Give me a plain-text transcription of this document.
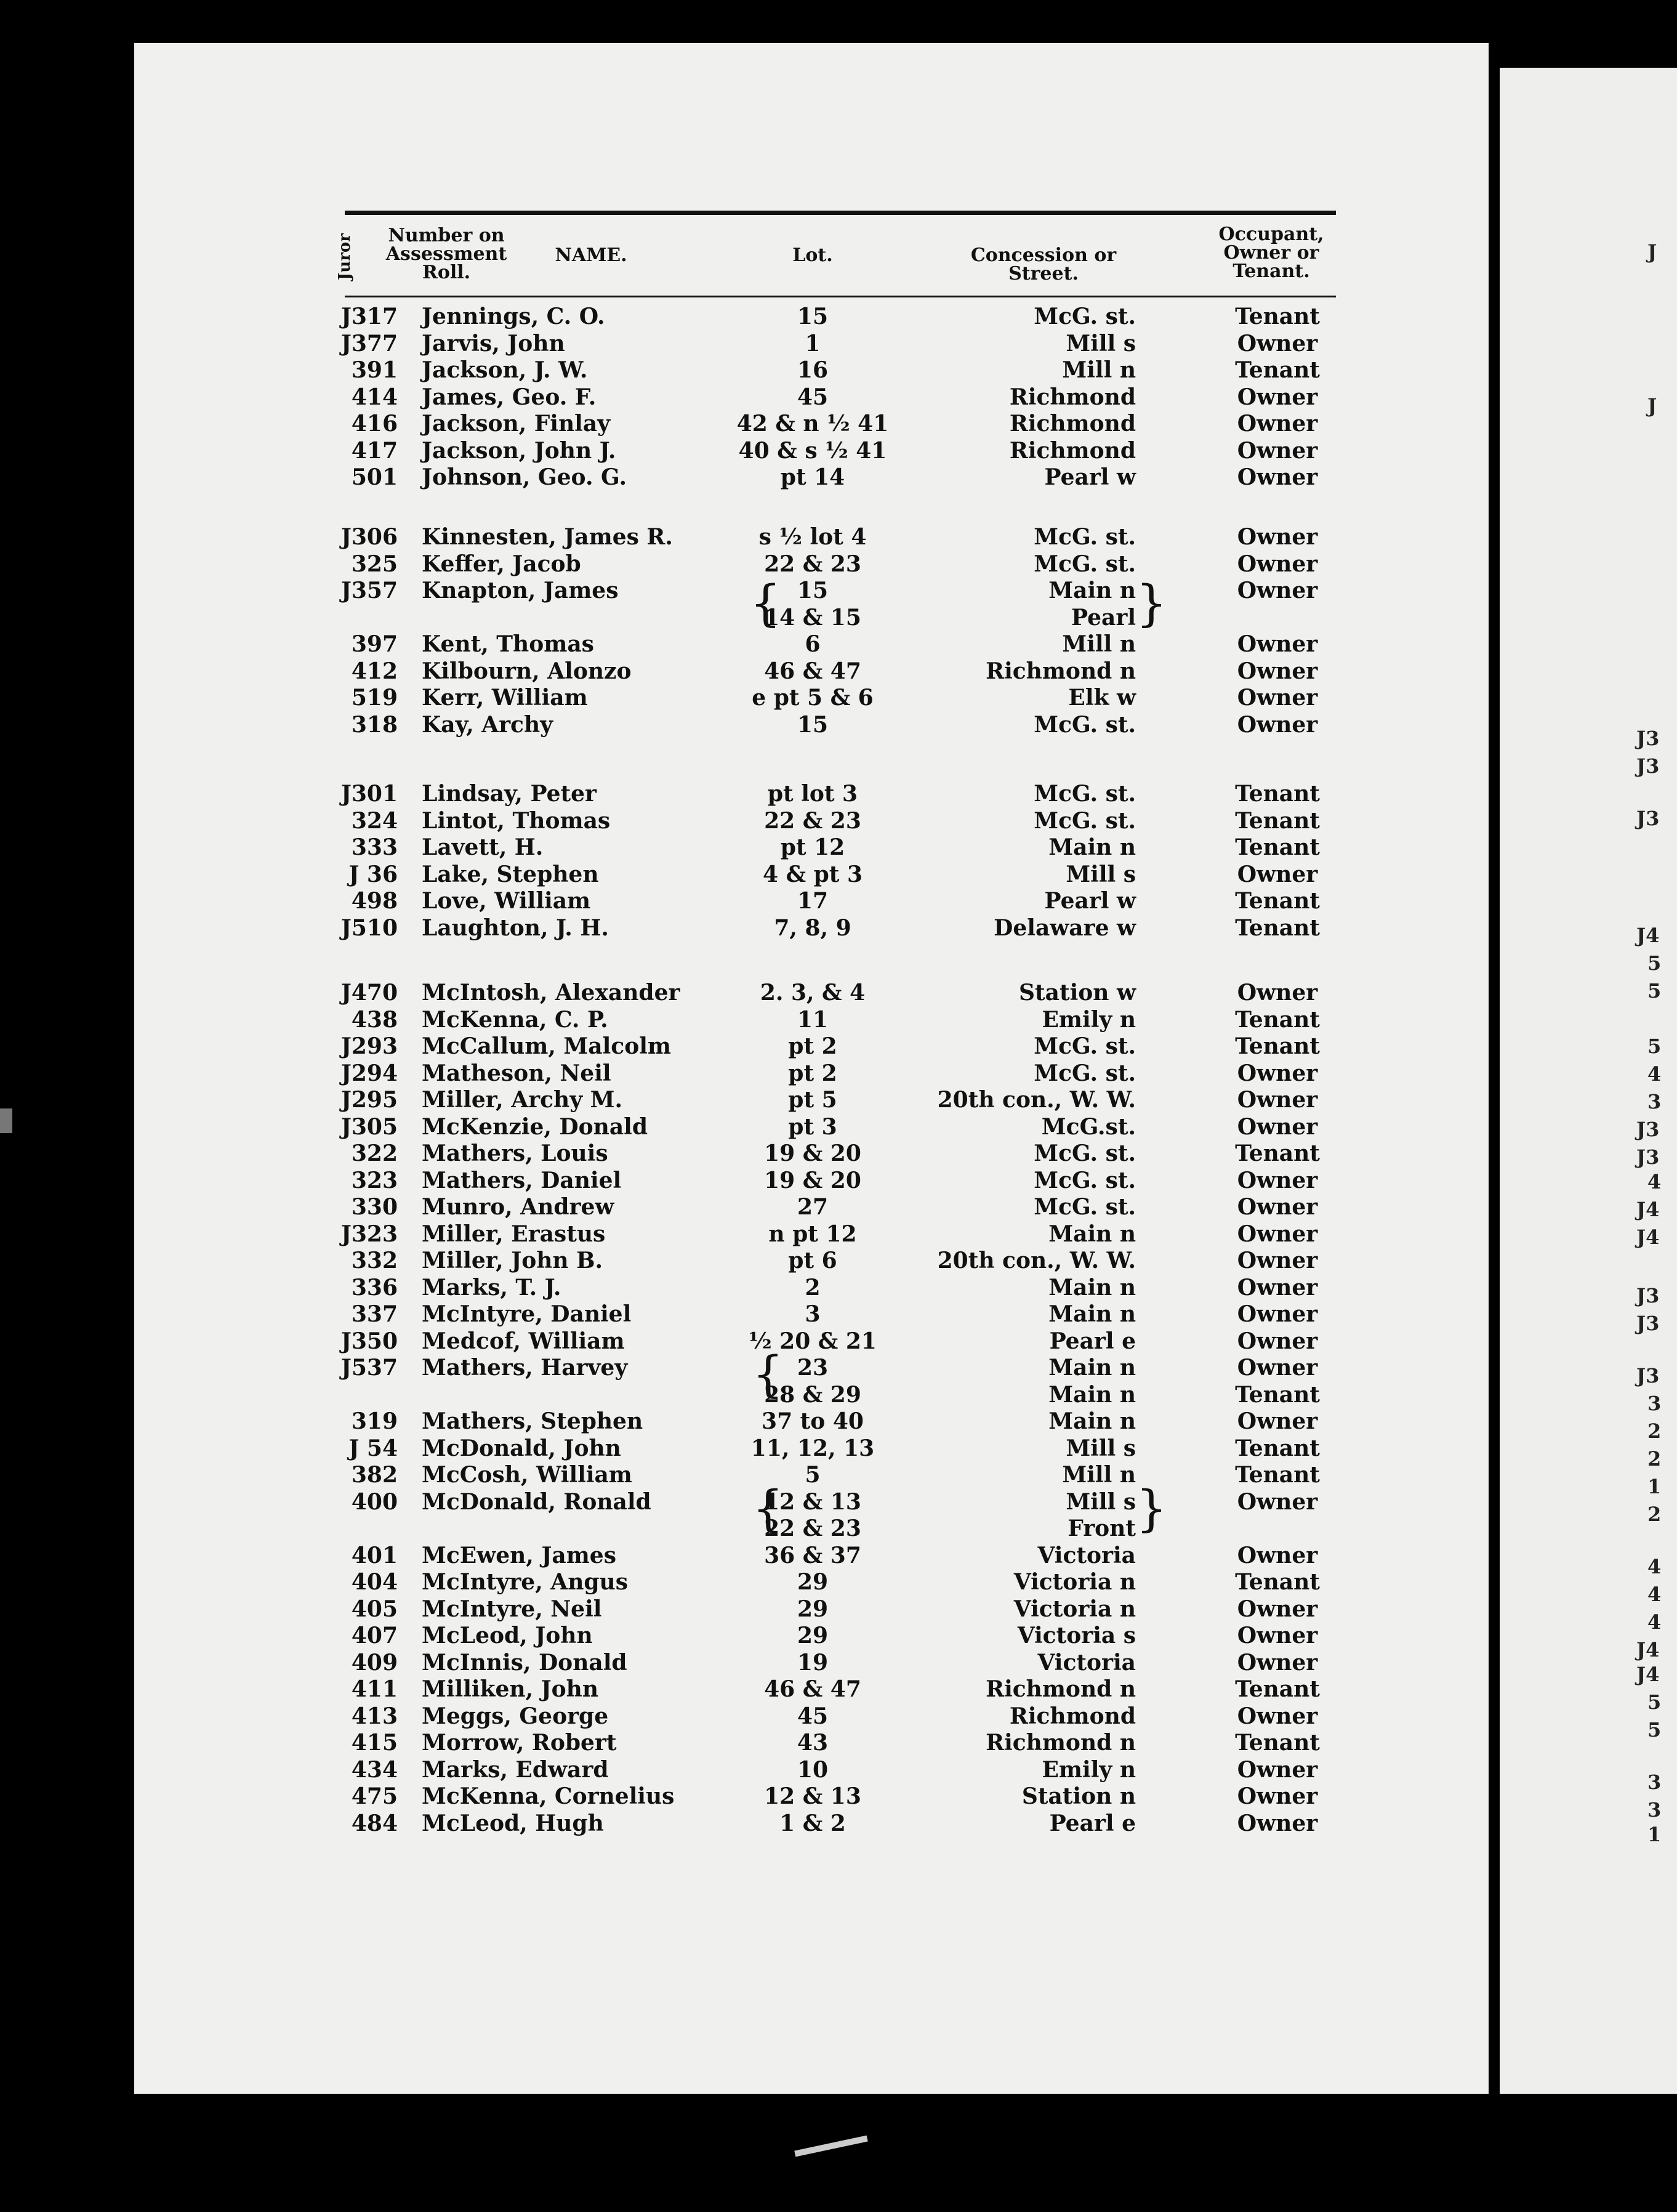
J
J
J3
J3
J3
J4
5
5
5
4
3
J3
J3
4
J4
J4
J3
J3
J3
3
2
2
1
2
4
4
4
J4
J4
5
5
3
3
1
Juror	Number on Assessment Roll.
NAME.	Lot.	Concession or Street.
Occupant, Owner or Tenant.
J317 Jennings, C. O.	15	McG. st.	Tenant
J377 Jarvis, John	1	Mill s	Owner
391 Jackson, J. W.	16	Mill n	Tenant
414 James, Geo. F.	45	Richmond	Owner
416 Jackson, Finlay	42 & n ½ 41	Richmond	Owner
417 Jackson, John J.	40 & s ½ 41	Richmond	Owner
501 Johnson, Geo. G.	pt 14	Pearl w	Owner
J306 Kinnesten, James R.	s ½ lot 4	McG. st.	Owner
325 Keffer, Jacob	22 & 23	McG. st.	Owner
J357 Knapton, James	15	Main n	Owner
14 & 15	Pearl
397 Kent, Thomas	6	Mill n	Owner
412 Kilbourn, Alonzo	46 & 47	Richmond n	Owner
519 Kerr, William	e pt 5 & 6	Elk w	Owner
318 Kay, Archy	15	McG. st.	Owner
J301 Lindsay, Peter	pt lot 3	McG. st.	Tenant
324 Lintot, Thomas	22 & 23	McG. st.	Tenant
333 Lavett, H.	pt 12	Main n	Tenant
J 36 Lake, Stephen	4 & pt 3	Mill s	Owner
498 Love, William	17	Pearl w	Tenant
J510 Laughton, J. H.	7, 8, 9	Delaware w	Tenant
J470 McIntosh, Alexander	2. 3, & 4	Station w	Owner
438 McKenna, C. P.	11	Emily n	Tenant
J293 McCallum, Malcolm	pt 2	McG. st.	Tenant
J294 Matheson, Neil	pt 2	McG. st.	Owner
J295 Miller, Archy M.	pt 5	20th con., W. W.	Owner
J305 McKenzie, Donald	pt 3	McG.st.	Owner
322 Mathers, Louis	19 & 20	McG. st.	Tenant
323 Mathers, Daniel	19 & 20	McG. st.	Owner
330 Munro, Andrew	27	McG. st.	Owner
J323 Miller, Erastus	n pt 12	Main n	Owner
332 Miller, John B.	pt 6	20th con., W. W.	Owner
336 Marks, T. J.	2	Main n	Owner
337 McIntyre, Daniel	3	Main n	Owner
J350 Medcof, William	½ 20 & 21	Pearl e	Owner
J537 Mathers, Harvey	23	Main n	Owner
28 & 29	Main n	Tenant
319 Mathers, Stephen	37 to 40	Main n	Owner
J 54 McDonald, John	11, 12, 13	Mill s	Tenant
382 McCosh, William	5	Mill n	Tenant
400 McDonald, Ronald	12 & 13	Mill s	Owner
22 & 23	Front
401 McEwen, James	36 & 37	Victoria	Owner
404 McIntyre, Angus	29	Victoria n	Tenant
405 McIntyre, Neil	29	Victoria n	Owner
407 McLeod, John	29	Victoria s	Owner
409 McInnis, Donald	19	Victoria	Owner
411 Milliken, John	46 & 47	Richmond n	Tenant
413 Meggs, George	45	Richmond	Owner
415 Morrow, Robert	43	Richmond n	Tenant
434 Marks, Edward	10	Emily n	Owner
475 McKenna, Cornelius	12 & 13	Station n	Owner
484 McLeod, Hugh	1 & 2	Pearl e	Owner
{	}
{
{	}
